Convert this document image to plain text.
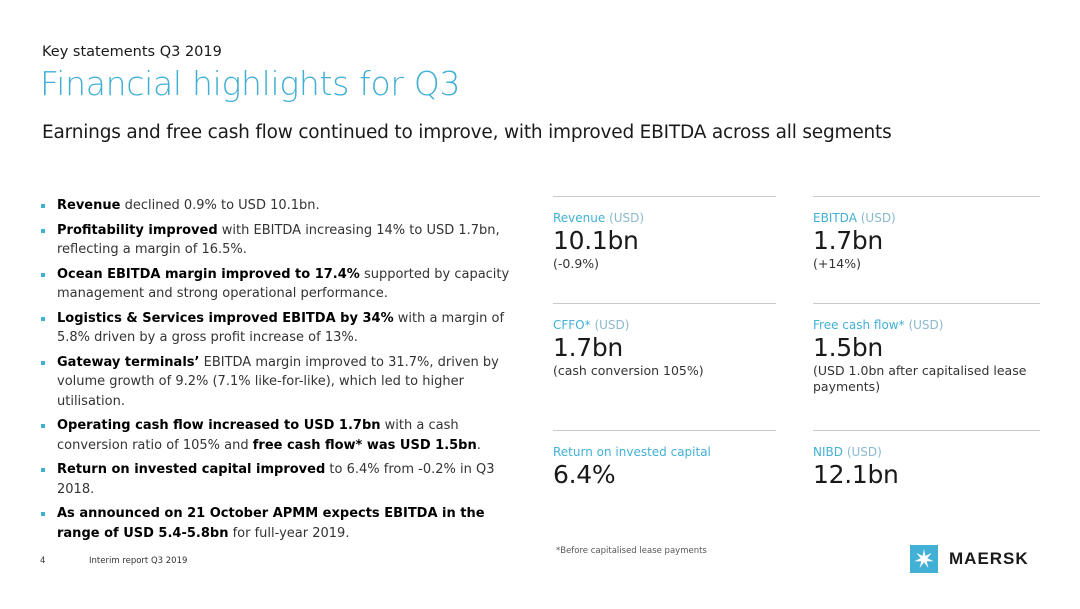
Key statements Q3 2019
Financial highlights for Q3
Earnings and free cash flow continued to improve, with improved EBITDA across all segments
Revenue declined 0.9% to USD 10.1bn.
Profitability improved with EBITDA increasing 14% to USD 1.7bn, reflecting a margin of 16.5%.
Ocean EBITDA margin improved to 17.4% supported by capacity management and strong operational performance.
Logistics & Services improved EBITDA by 34% with a margin of 5.8% driven by a gross profit increase of 13%.
Gateway terminals’ EBITDA margin improved to 31.7%, driven by volume growth of 9.2% (7.1% like-for-like), which led to higher utilisation.
Operating cash flow increased to USD 1.7bn with a cash conversion ratio of 105% and free cash flow* was USD 1.5bn.
Return on invested capital improved to 6.4% from -0.2% in Q3 2018.
As announced on 21 October APMM expects EBITDA in the range of USD 5.4-5.8bn for full-year 2019.
Revenue (USD)
10.1bn
(-0.9%)
EBITDA (USD)
1.7bn
(+14%)
CFFO* (USD)
1.7bn
(cash conversion 105%)
Free cash flow* (USD)
1.5bn
(USD 1.0bn after capitalised lease payments)
Return on invested capital
6.4%
NIBD (USD)
12.1bn
*Before capitalised lease payments
4	Interim report Q3 2019	MAERSK
